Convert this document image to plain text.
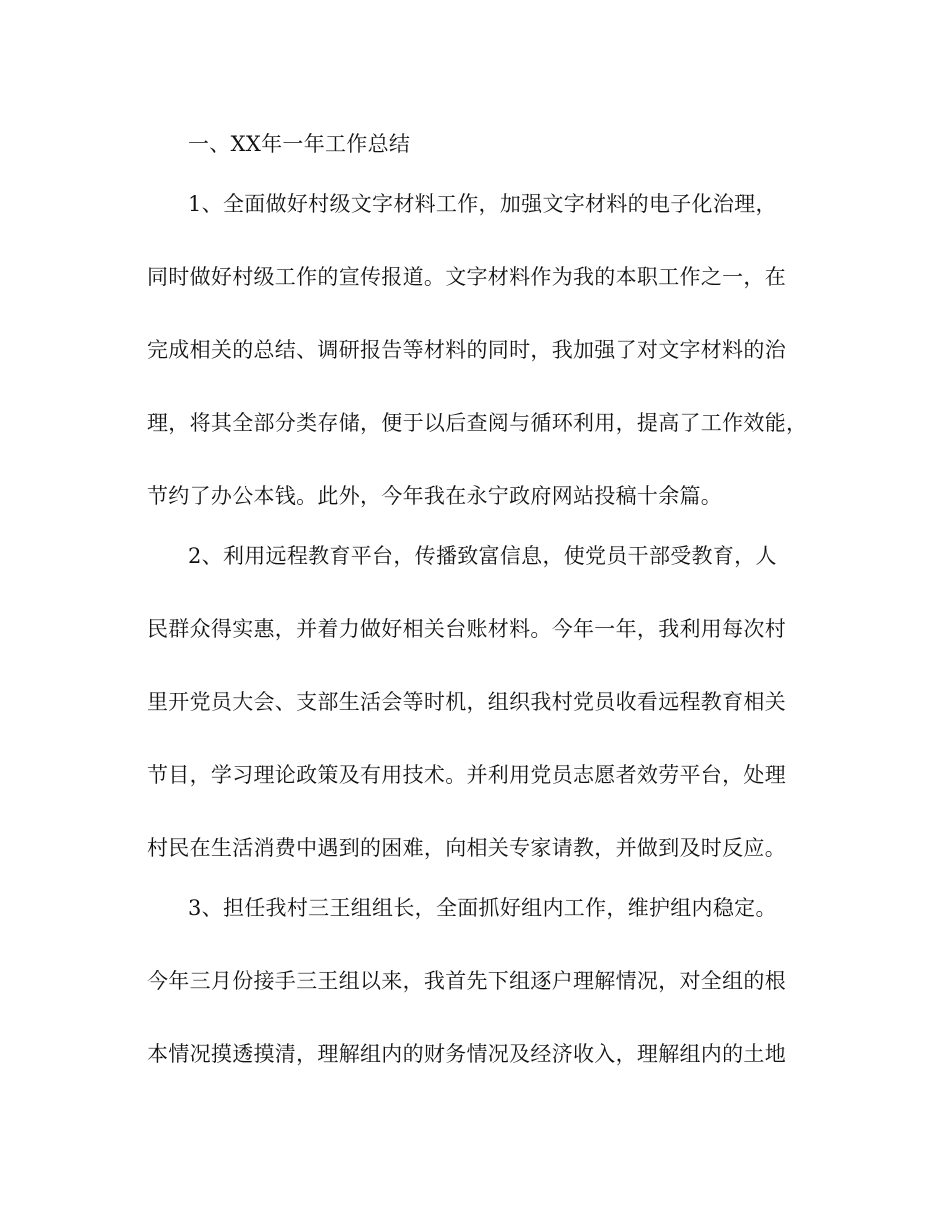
一、XX年一年工作总结
1、全面做好村级文字材料工作，加强文字材料的电子化治理，
同时做好村级工作的宣传报道。文字材料作为我的本职工作之一，在
完成相关的总结、调研报告等材料的同时，我加强了对文字材料的治
理，将其全部分类存储，便于以后查阅与循环利用，提高了工作效能，
节约了办公本钱。此外，今年我在永宁政府网站投稿十余篇。
2、利用远程教育平台，传播致富信息，使党员干部受教育，人
民群众得实惠，并着力做好相关台账材料。今年一年，我利用每次村
里开党员大会、支部生活会等时机，组织我村党员收看远程教育相关
节目，学习理论政策及有用技术。并利用党员志愿者效劳平台，处理
村民在生活消费中遇到的困难，向相关专家请教，并做到及时反应。
3、担任我村三王组组长，全面抓好组内工作，维护组内稳定。
今年三月份接手三王组以来，我首先下组逐户理解情况，对全组的根
本情况摸透摸清，理解组内的财务情况及经济收入，理解组内的土地
